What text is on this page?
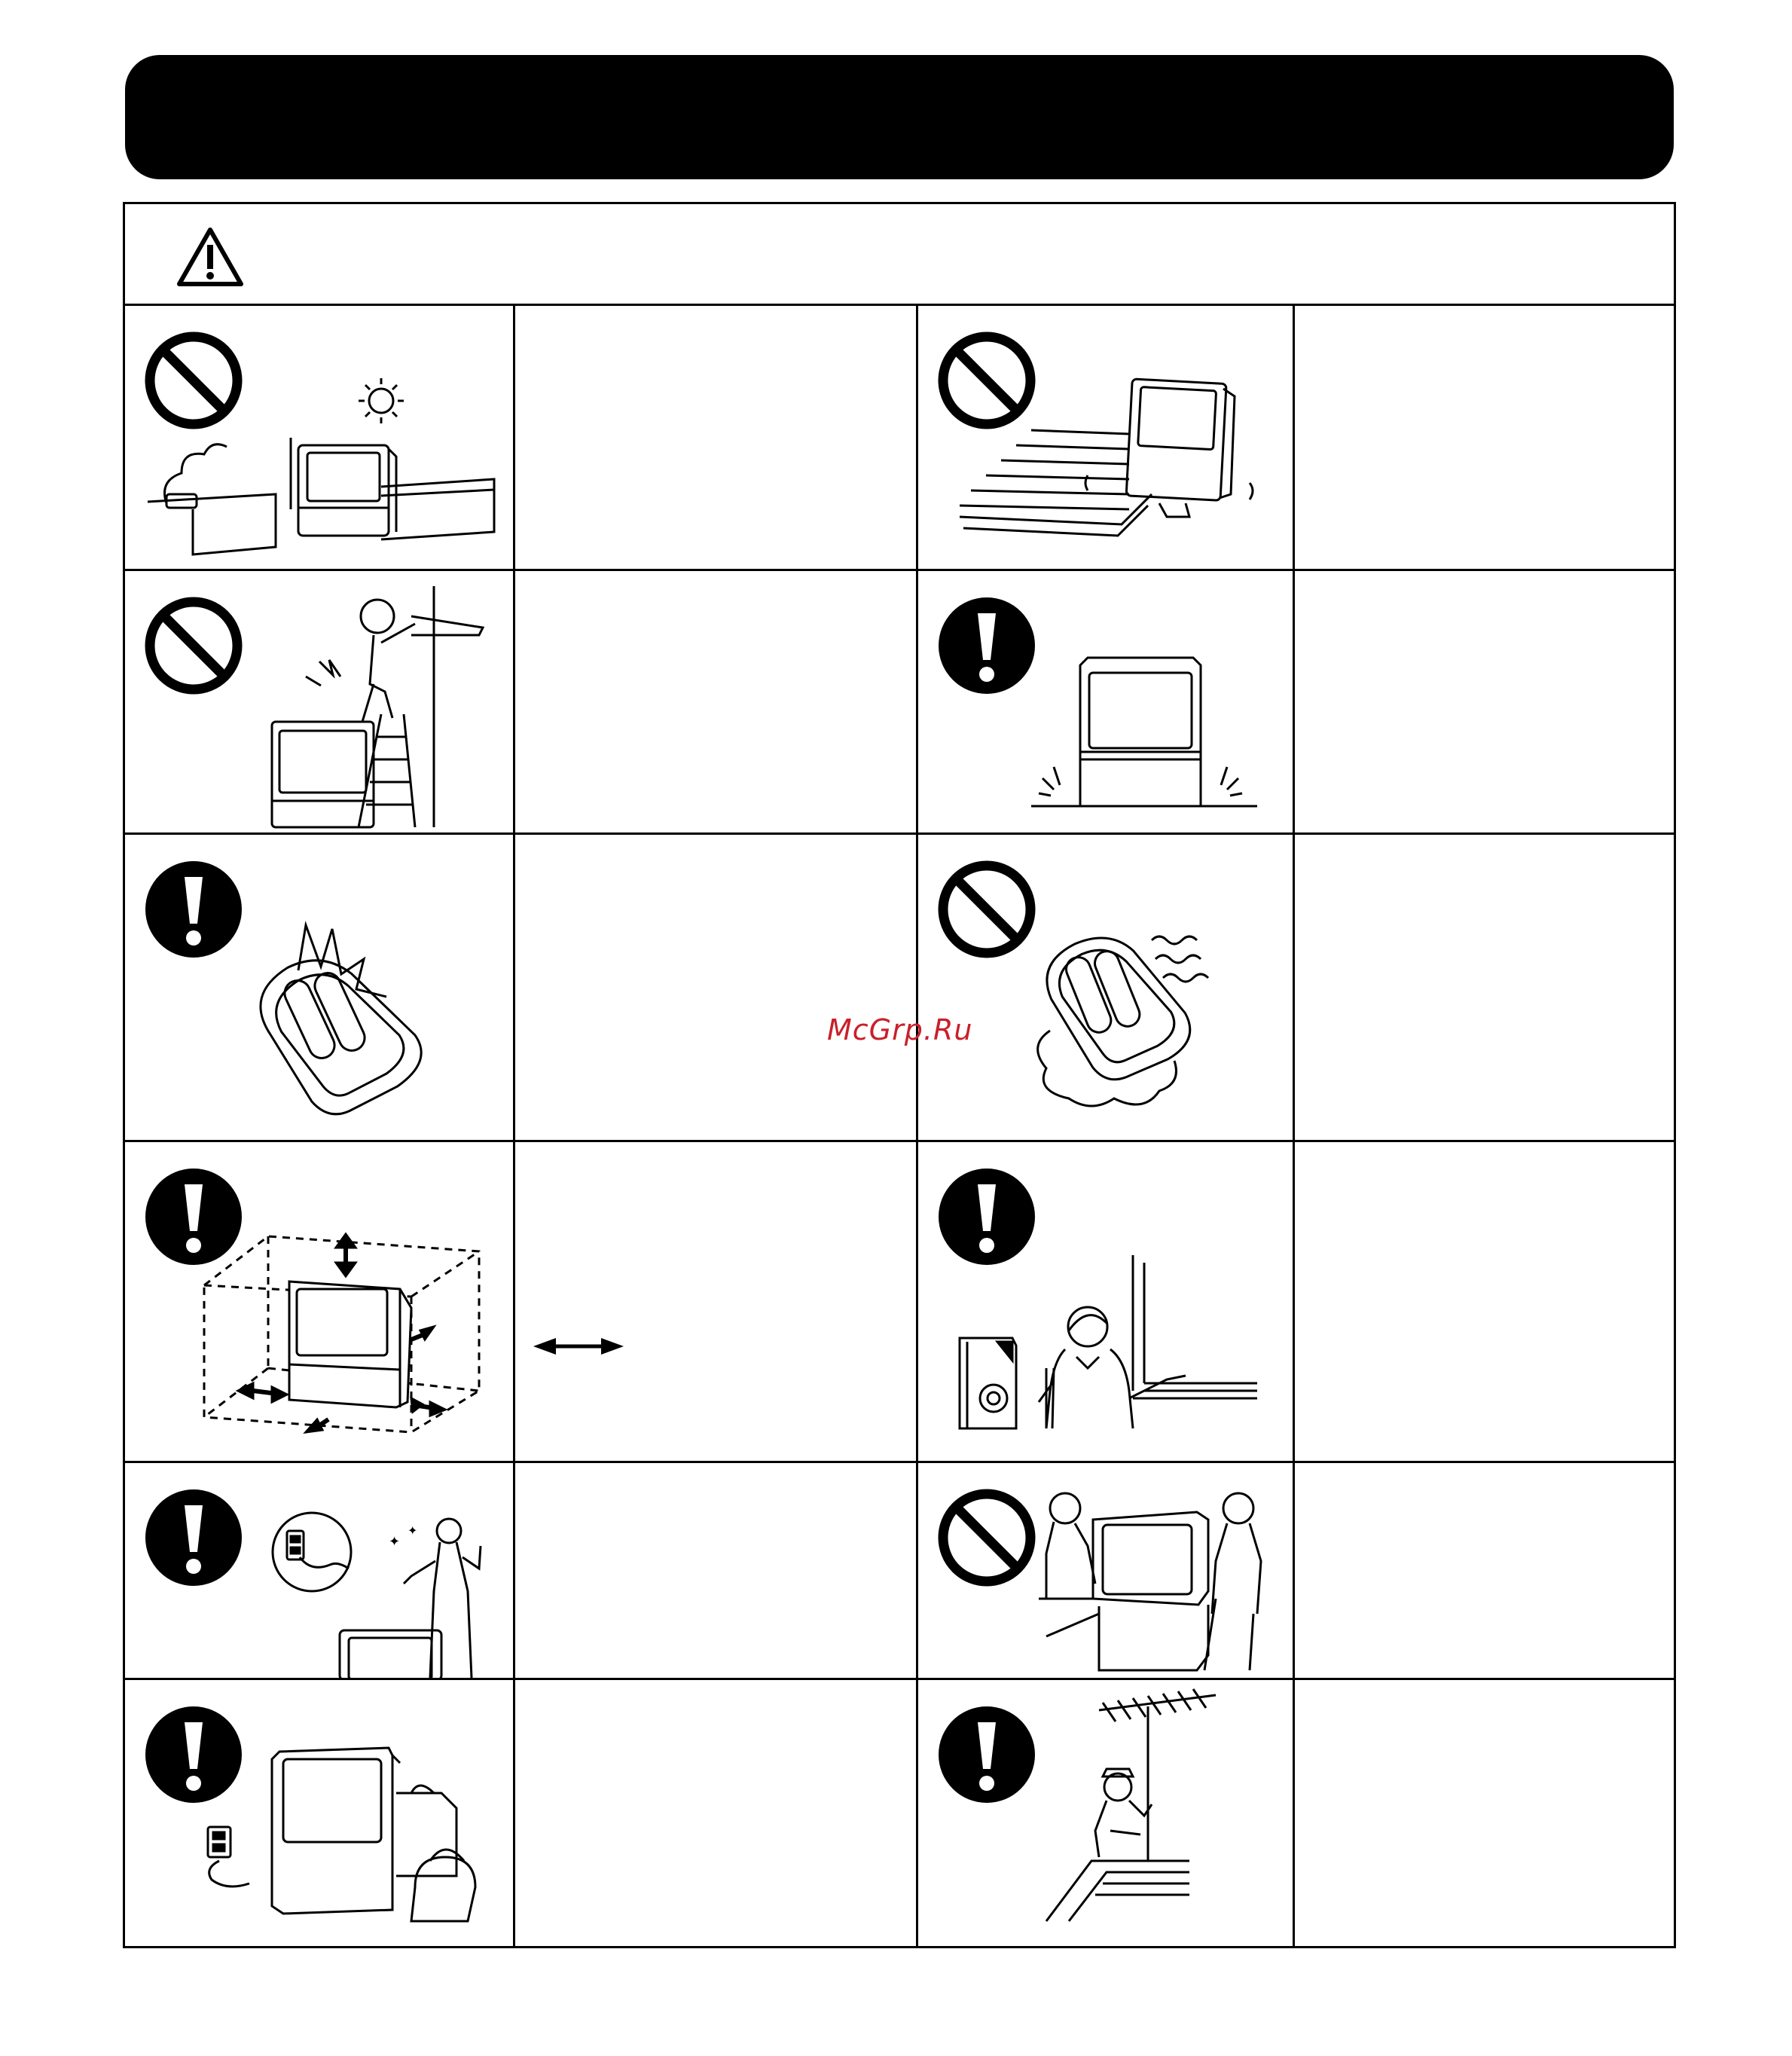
✦
✦
McGrp.Ru
